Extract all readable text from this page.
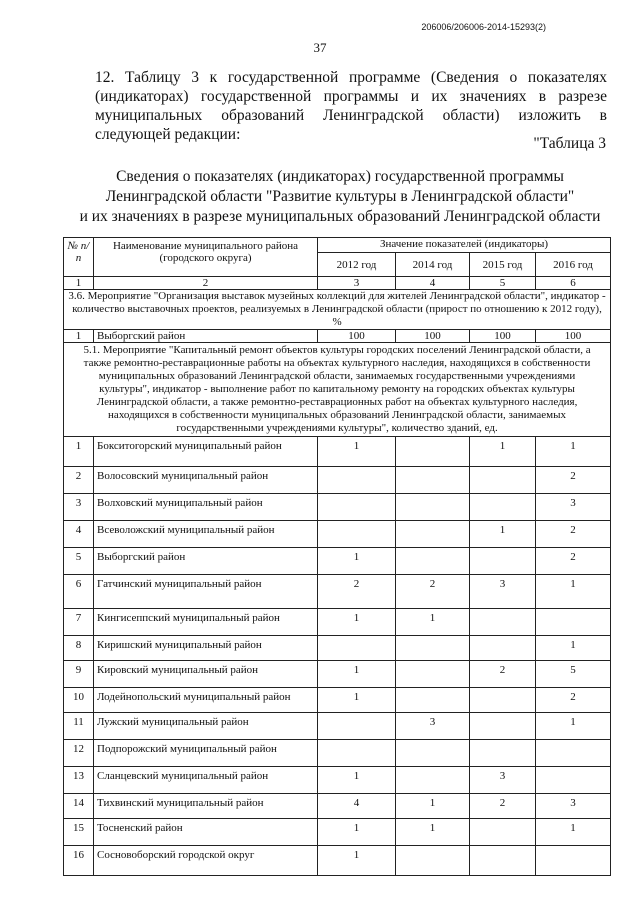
206006/206006-2014-15293(2)
37
12. Таблицу 3 к государственной программе (Сведения о показателях (индикаторах) государственной программы и их значениях в разрезе муниципальных образований Ленинградской области) изложить в следующей редакции:
"Таблица 3
Сведения о показателях (индикаторах) государственной программы
Ленинградской области "Развитие культуры в Ленинградской области"
и их значениях в разрезе муниципальных образований Ленинградской области
№ п/п	Наименование муниципального района (городского округа)	Значение показателей (индикаторы)			
		2012 год	2014 год	2015 год	2016 год
1	2	3	4	5	6
3.6. Мероприятие "Организация выставок музейных коллекций для жителей Ленинградской области", индикатор - количество выставочных проектов, реализуемых в Ленинградской области (прирост по отношению к 2012 году), %					
1	Выборгский район	100	100	100	100
5.1. Мероприятие "Капитальный ремонт объектов культуры городских поселений Ленинградской области, а также ремонтно-реставрационные работы на объектах культурного наследия, находящихся в собственности муниципальных образований Ленинградской области, занимаемых государственными учреждениями культуры", индикатор - выполнение работ по капитальному ремонту на городских объектах культуры Ленинградской области, а также ремонтно-реставрационных работ на объектах культурного наследия, находящихся в собственности муниципальных образований Ленинградской области, занимаемых государственными учреждениями культуры", количество зданий, ед.					
1	Бокситогорский муниципальный район	1		1	1
2	Волосовский муниципальный район				2
3	Волховский муниципальный район				3
4	Всеволожский муниципальный район			1	2
5	Выборгский район	1			2
6	Гатчинский муниципальный район	2	2	3	1
7	Кингисеппский муниципальный район	1	1		
8	Киришский муниципальный район				1
9	Кировский муниципальный район	1		2	5
10	Лодейнопольский муниципальный район	1			2
11	Лужский муниципальный район		3		1
12	Подпорожский муниципальный район				
13	Сланцевский муниципальный район	1		3	
14	Тихвинский муниципальный район	4	1	2	3
15	Тосненский район	1	1		1
16	Сосновоборский городской округ	1			
